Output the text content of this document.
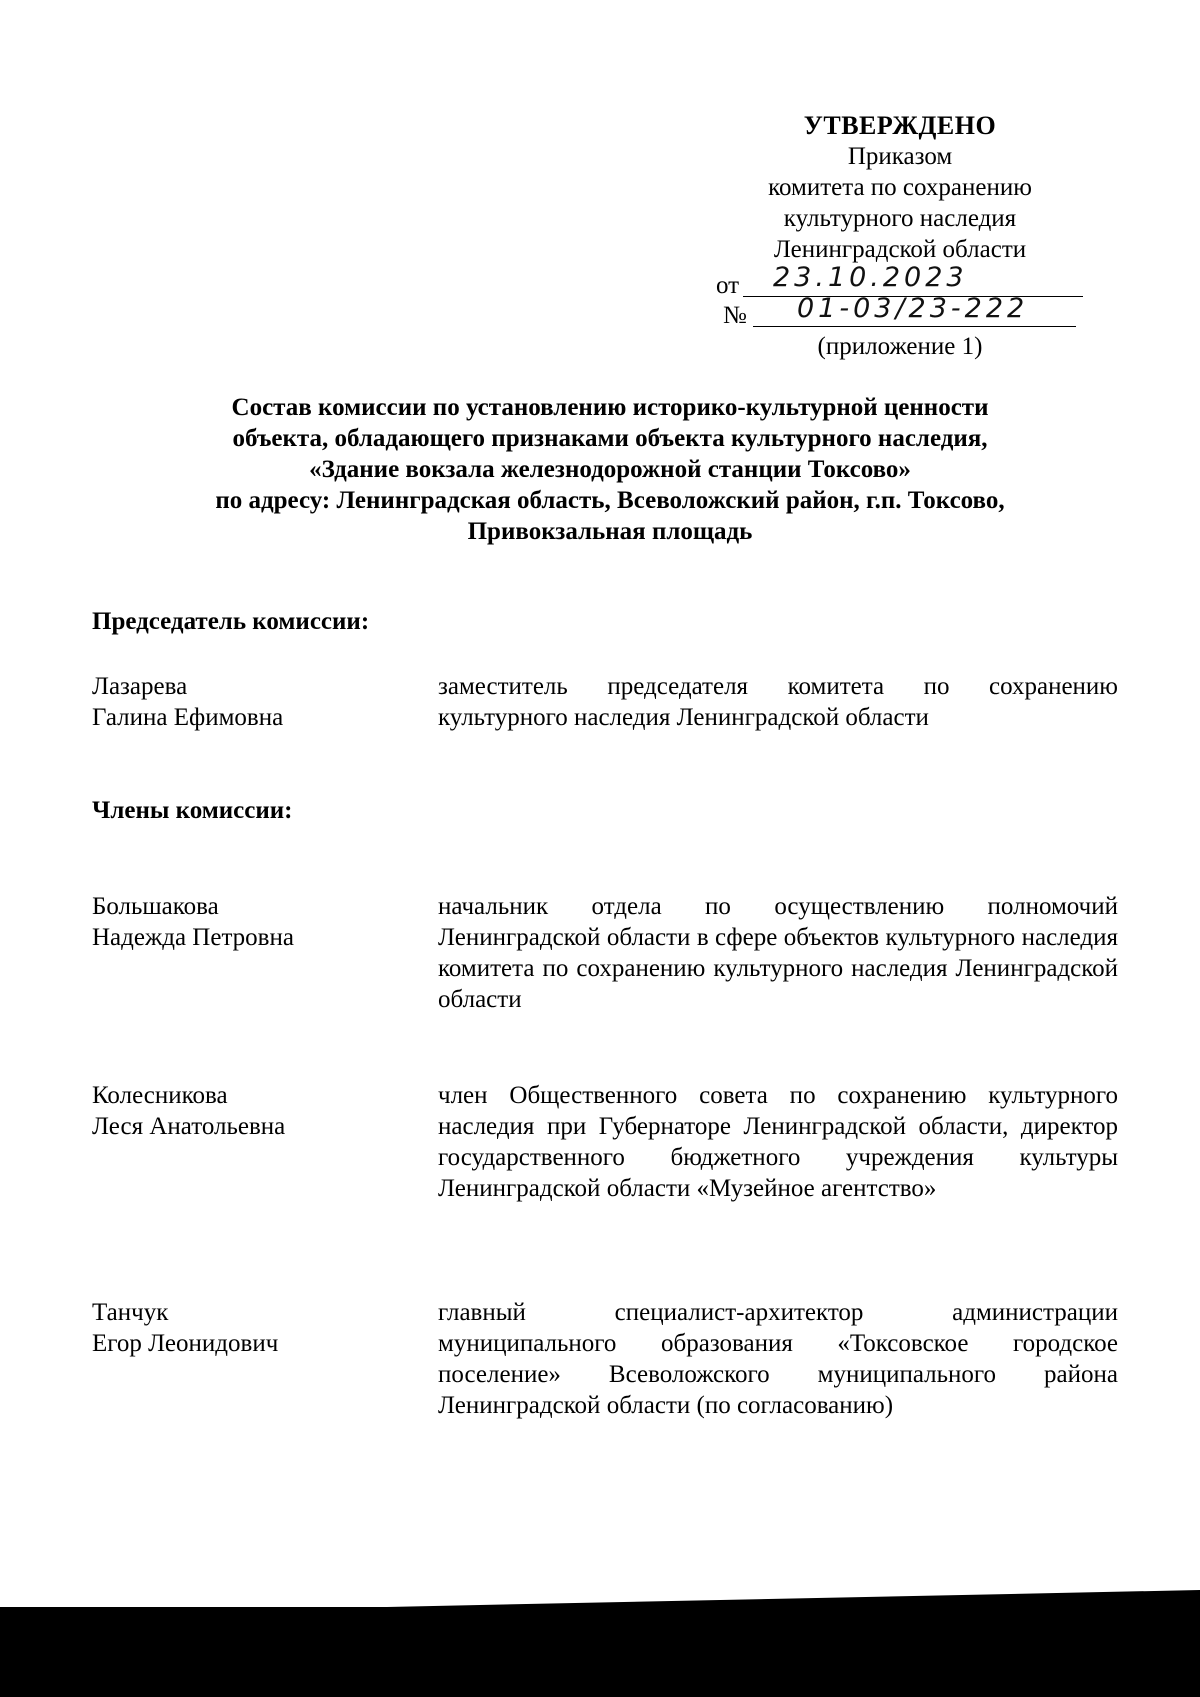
УТВЕРЖДЕНО
Приказом
комитета по сохранению
культурного наследия
Ленинградской области
от 23.10.2023
№ 01-03/23-222
(приложение 1)
Состав комиссии по установлению историко-культурной ценности
объекта, обладающего признаками объекта культурного наследия,
«Здание вокзала железнодорожной станции Токсово»
по адресу: Ленинградская область, Всеволожский район, г.п. Токсово,
Привокзальная площадь
Председатель комиссии:
Лазарева
Галина Ефимовна
заместитель председателя комитета по сохранению культурного наследия Ленинградской области
Члены комиссии:
Большакова
Надежда Петровна
начальник отдела по осуществлению полномочий Ленинградской области в сфере объектов культурного наследия комитета по сохранению культурного наследия Ленинградской области
Колесникова
Леся Анатольевна
член Общественного совета по сохранению культурного наследия при Губернаторе Ленинградской области, директор государственного бюджетного учреждения культуры Ленинградской области «Музейное агентство»
Танчук
Егор Леонидович
главный специалист-архитектор администрации муниципального образования «Токсовское городское поселение» Всеволожского муниципального района Ленинградской области (по согласованию)
